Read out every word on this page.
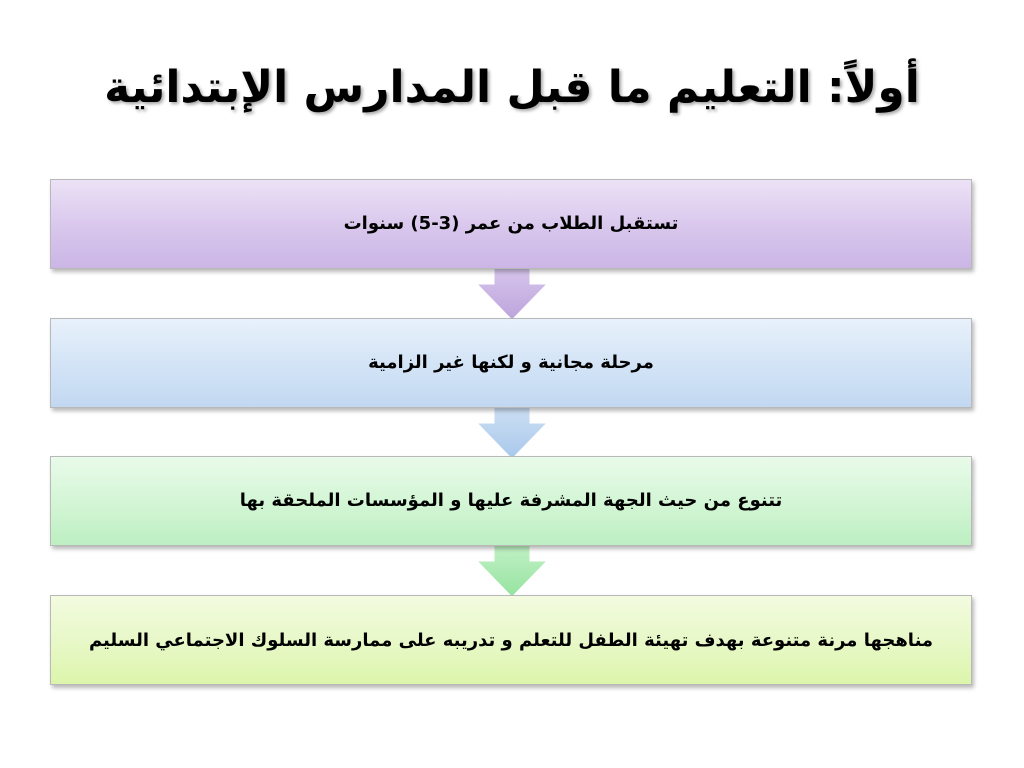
أولاً: التعليم ما قبل المدارس الإبتدائية
تستقبل الطلاب من عمر (3-5) سنوات
مرحلة مجانية و لكنها غير الزامية
تتنوع من حيث الجهة المشرفة عليها و المؤسسات الملحقة بها
مناهجها مرنة متنوعة بهدف تهيئة الطفل للتعلم و تدريبه على ممارسة السلوك الاجتماعي السليم
